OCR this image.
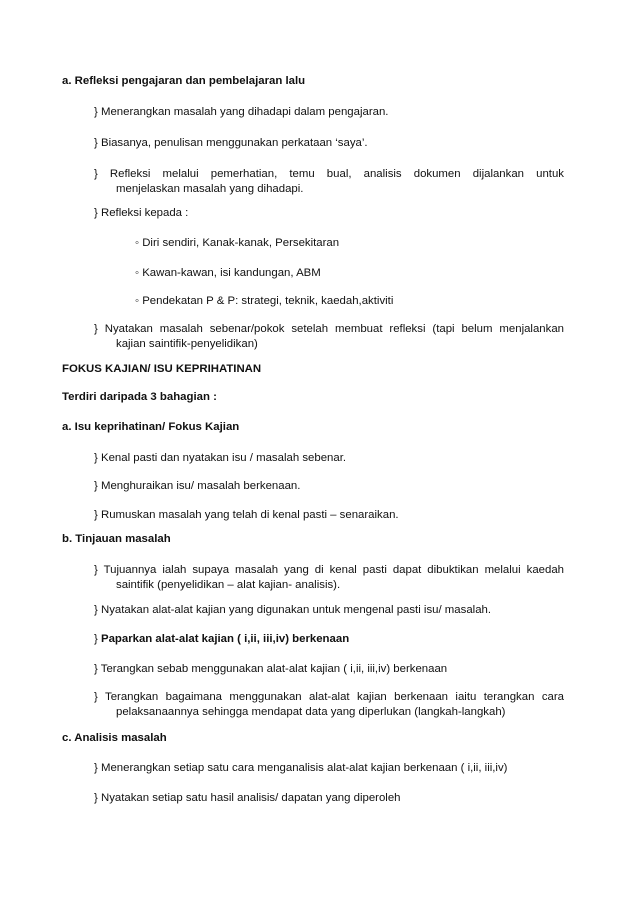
a. Refleksi pengajaran dan pembelajaran lalu
} Menerangkan masalah yang dihadapi dalam pengajaran.
} Biasanya, penulisan menggunakan perkataan ‘saya’.
} Refleksi melalui pemerhatian, temu bual, analisis dokumen dijalankan untuk
menjelaskan masalah yang dihadapi.
} Refleksi kepada :
◦ Diri sendiri, Kanak-kanak, Persekitaran
◦ Kawan-kawan, isi kandungan, ABM
◦ Pendekatan P & P: strategi, teknik, kaedah,aktiviti
} Nyatakan masalah sebenar/pokok setelah membuat refleksi (tapi belum menjalankan
kajian saintifik-penyelidikan)
FOKUS KAJIAN/ ISU KEPRIHATINAN
Terdiri daripada 3 bahagian :
a. Isu keprihatinan/ Fokus Kajian
} Kenal pasti dan nyatakan isu / masalah sebenar.
} Menghuraikan isu/ masalah berkenaan.
} Rumuskan masalah yang telah di kenal pasti – senaraikan.
b. Tinjauan masalah
} Tujuannya ialah supaya masalah yang di kenal pasti dapat dibuktikan melalui kaedah
saintifik (penyelidikan – alat kajian- analisis).
} Nyatakan alat-alat kajian yang digunakan untuk mengenal pasti isu/ masalah.
} Paparkan alat-alat kajian ( i,ii, iii,iv) berkenaan
} Terangkan sebab menggunakan alat-alat kajian ( i,ii, iii,iv) berkenaan
} Terangkan bagaimana menggunakan alat-alat kajian berkenaan iaitu terangkan cara
pelaksanaannya sehingga mendapat data yang diperlukan (langkah-langkah)
c. Analisis masalah
} Menerangkan setiap satu cara menganalisis alat-alat kajian berkenaan ( i,ii, iii,iv)
} Nyatakan setiap satu hasil analisis/ dapatan yang diperoleh
